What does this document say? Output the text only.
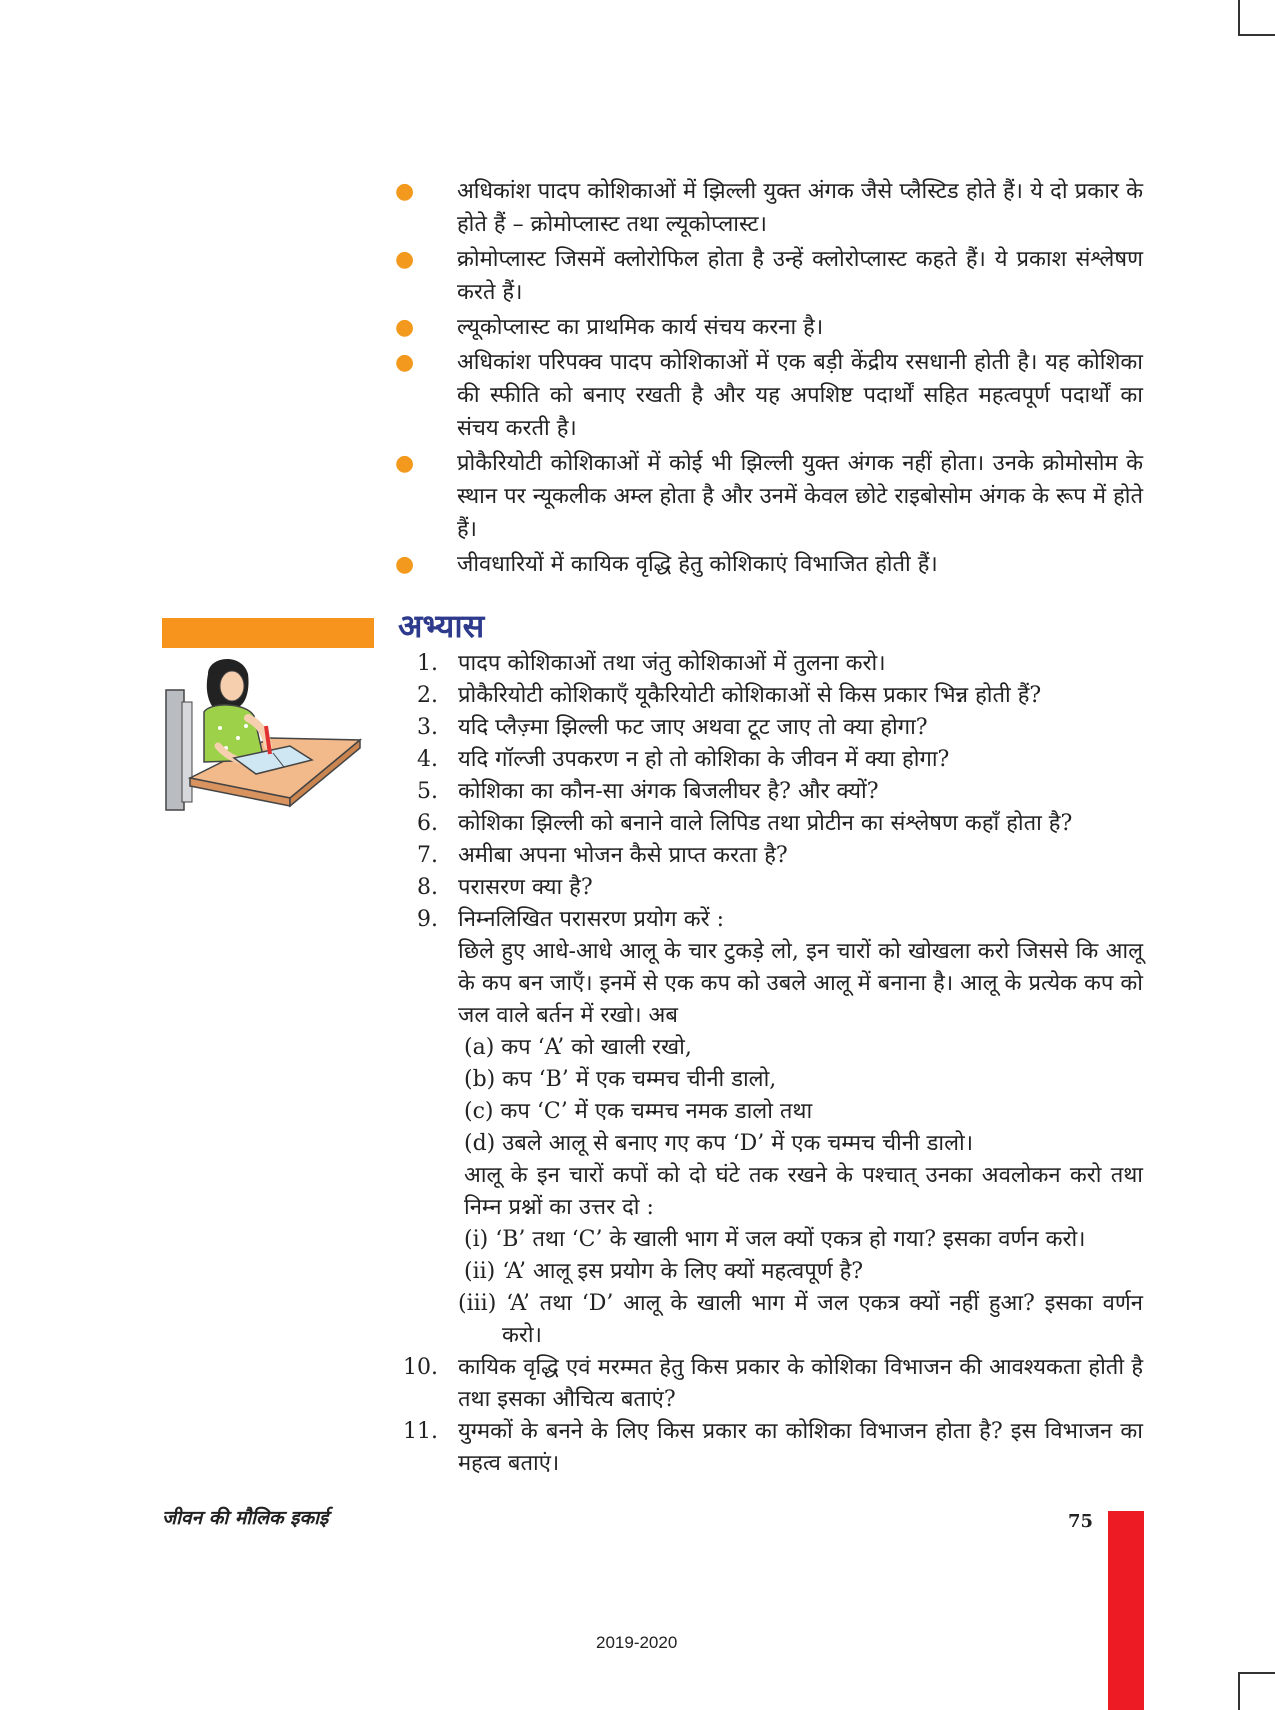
● अधिकांश पादप कोशिकाओं में झिल्ली युक्त अंगक जैसे प्लैस्टिड होते हैं। ये दो प्रकार के होते हैं – क्रोमोप्लास्ट तथा ल्यूकोप्लास्ट।
● क्रोमोप्लास्ट जिसमें क्लोरोफिल होता है उन्हें क्लोरोप्लास्ट कहते हैं। ये प्रकाश संश्लेषण करते हैं।
● ल्यूकोप्लास्ट का प्राथमिक कार्य संचय करना है।
● अधिकांश परिपक्व पादप कोशिकाओं में एक बड़ी केंद्रीय रसधानी होती है। यह कोशिका की स्फीति को बनाए रखती है और यह अपशिष्ट पदार्थों सहित महत्वपूर्ण पदार्थों का संचय करती है।
● प्रोकैरियोटी कोशिकाओं में कोई भी झिल्ली युक्त अंगक नहीं होता। उनके क्रोमोसोम के स्थान पर न्यूकलीक अम्ल होता है और उनमें केवल छोटे राइबोसोम अंगक के रूप में होते हैं।
● जीवधारियों में कायिक वृद्धि हेतु कोशिकाएं विभाजित होती हैं।
अभ्यास
1. पादप कोशिकाओं तथा जंतु कोशिकाओं में तुलना करो।
2. प्रोकैरियोटी कोशिकाएँ यूकैरियोटी कोशिकाओं से किस प्रकार भिन्न होती हैं?
3. यदि प्लैज़्मा झिल्ली फट जाए अथवा टूट जाए तो क्या होगा?
4. यदि गॉल्जी उपकरण न हो तो कोशिका के जीवन में क्या होगा?
5. कोशिका का कौन-सा अंगक बिजलीघर है? और क्यों?
6. कोशिका झिल्ली को बनाने वाले लिपिड तथा प्रोटीन का संश्लेषण कहाँ होता है?
7. अमीबा अपना भोजन कैसे प्राप्त करता है?
8. परासरण क्या है?
9. निम्नलिखित परासरण प्रयोग करें :
छिले हुए आधे-आधे आलू के चार टुकड़े लो, इन चारों को खोखला करो जिससे कि आलू के कप बन जाएँ। इनमें से एक कप को उबले आलू में बनाना है। आलू के प्रत्येक कप को जल वाले बर्तन में रखो। अब
(a) कप ‘A’ को खाली रखो,
(b) कप ‘B’ में एक चम्मच चीनी डालो,
(c) कप ‘C’ में एक चम्मच नमक डालो तथा
(d) उबले आलू से बनाए गए कप ‘D’ में एक चम्मच चीनी डालो।
आलू के इन चारों कपों को दो घंटे तक रखने के पश्चात् उनका अवलोकन करो तथा निम्न प्रश्नों का उत्तर दो :
(i) ‘B’ तथा ‘C’ के खाली भाग में जल क्यों एकत्र हो गया? इसका वर्णन करो।
(ii) ‘A’ आलू इस प्रयोग के लिए क्यों महत्वपूर्ण है?
(iii) ‘A’ तथा ‘D’ आलू के खाली भाग में जल एकत्र क्यों नहीं हुआ? इसका वर्णन करो।
10. कायिक वृद्धि एवं मरम्मत हेतु किस प्रकार के कोशिका विभाजन की आवश्यकता होती है तथा इसका औचित्य बताएं?
11. युग्मकों के बनने के लिए किस प्रकार का कोशिका विभाजन होता है? इस विभाजन का महत्व बताएं।
जीवन की मौलिक इकाई	75
2019-2020
